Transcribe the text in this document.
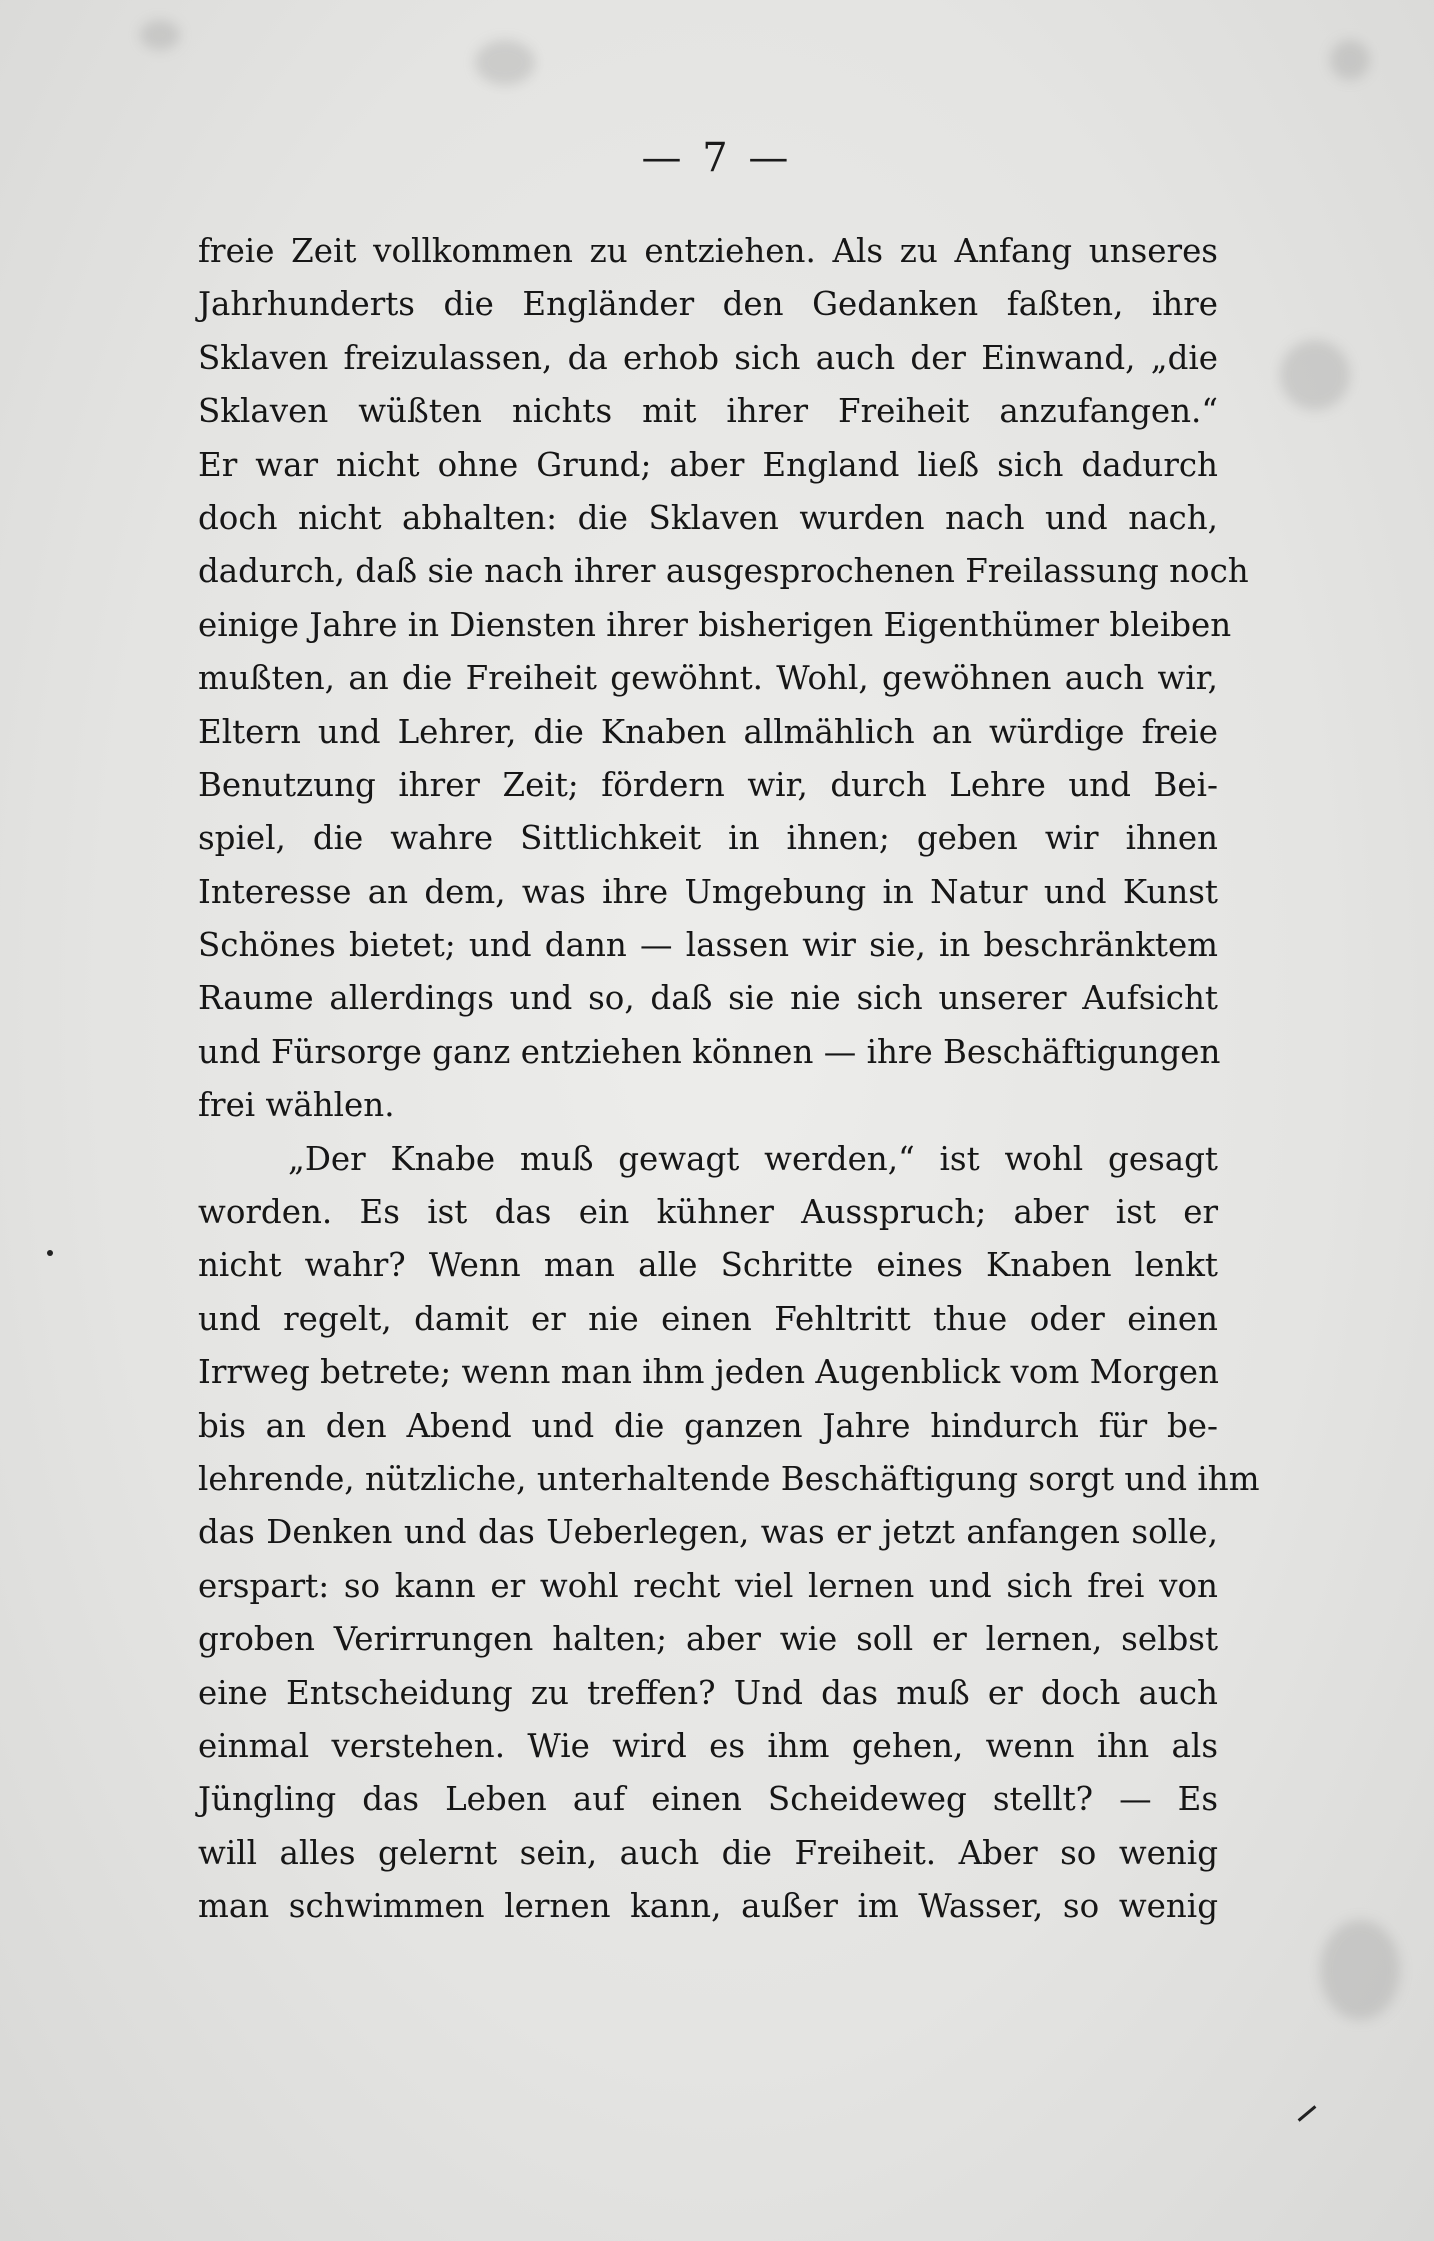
— 7 —
freie Zeit vollkommen zu entziehen. Als zu Anfang unseres
Jahrhunderts die Engländer den Gedanken faßten, ihre
Sklaven freizulassen, da erhob sich auch der Einwand, „die
Sklaven wüßten nichts mit ihrer Freiheit anzufangen.“
Er war nicht ohne Grund; aber England ließ sich dadurch
doch nicht abhalten: die Sklaven wurden nach und nach,
dadurch, daß sie nach ihrer ausgesprochenen Freilassung noch
einige Jahre in Diensten ihrer bisherigen Eigenthümer bleiben
mußten, an die Freiheit gewöhnt. Wohl, gewöhnen auch wir,
Eltern und Lehrer, die Knaben allmählich an würdige freie
Benutzung ihrer Zeit; fördern wir, durch Lehre und Bei-
spiel, die wahre Sittlichkeit in ihnen; geben wir ihnen
Interesse an dem, was ihre Umgebung in Natur und Kunst
Schönes bietet; und dann — lassen wir sie, in beschränktem
Raume allerdings und so, daß sie nie sich unserer Aufsicht
und Fürsorge ganz entziehen können — ihre Beschäftigungen
frei wählen.
„Der Knabe muß gewagt werden,“ ist wohl gesagt
worden. Es ist das ein kühner Ausspruch; aber ist er
nicht wahr? Wenn man alle Schritte eines Knaben lenkt
und regelt, damit er nie einen Fehltritt thue oder einen
Irrweg betrete; wenn man ihm jeden Augenblick vom Morgen
bis an den Abend und die ganzen Jahre hindurch für be-
lehrende, nützliche, unterhaltende Beschäftigung sorgt und ihm
das Denken und das Ueberlegen, was er jetzt anfangen solle,
erspart: so kann er wohl recht viel lernen und sich frei von
groben Verirrungen halten; aber wie soll er lernen, selbst
eine Entscheidung zu treffen? Und das muß er doch auch
einmal verstehen. Wie wird es ihm gehen, wenn ihn als
Jüngling das Leben auf einen Scheideweg stellt? — Es
will alles gelernt sein, auch die Freiheit. Aber so wenig
man schwimmen lernen kann, außer im Wasser, so wenig
